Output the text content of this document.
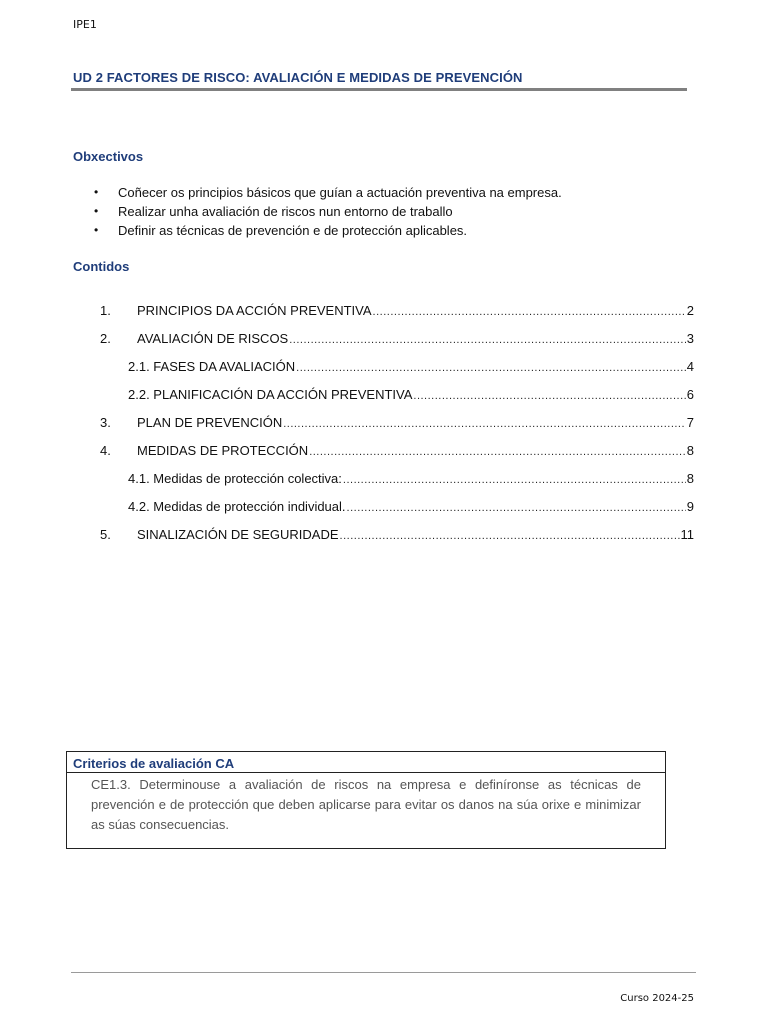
IPE1
UD 2 FACTORES DE RISCO: AVALIACIÓN E MEDIDAS DE PREVENCIÓN
Obxectivos
•	Coñecer os principios básicos que guían a actuación preventiva na empresa.
•	Realizar unha avaliación de riscos nun entorno de traballo
•	Definir as técnicas de prevención e de protección aplicables.
Contidos
1.	PRINCIPIOS DA ACCIÓN PREVENTIVA .....	2
2.	AVALIACIÓN DE RISCOS .....	3
2.1. FASES DA AVALIACIÓN .....	4
2.2. PLANIFICACIÓN DA ACCIÓN PREVENTIVA .....	6
3.	PLAN DE PREVENCIÓN .....	7
4.	MEDIDAS DE PROTECCIÓN .....	8
4.1. Medidas de protección colectiva: .....	8
4.2. Medidas de protección individual. .....	9
5.	SINALIZACIÓN DE SEGURIDADE .....	11
Criterios de avaliación CA
CE1.3. Determinouse a avaliación de riscos na empresa e definíronse as técnicas de prevención e de protección que deben aplicarse para evitar os danos na súa orixe e minimizar as súas consecuencias.
Curso 2024-25
